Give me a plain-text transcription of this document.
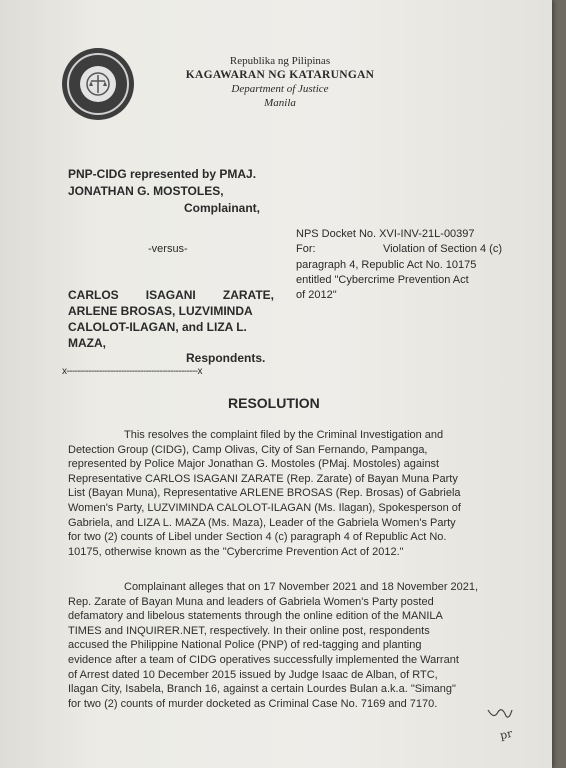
Republika ng Pilipinas
KAGAWARAN NG KATARUNGAN
Department of Justice
Manila
PNP-CIDG represented by PMAJ.
JONATHAN G. MOSTOLES,
Complainant,
-versus-
NPS Docket No. XVI-INV-21L-00397
For:	Violation of Section 4 (c)
paragraph 4, Republic Act No. 10175
entitled "Cybercrime Prevention Act
of 2012"
CARLOS ISAGANI ZARATE,
ARLENE BROSAS, LUZVIMINDA
CALOLOT-ILAGAN, and LIZA L.
MAZA,
Respondents.
x------------------------------------------------x
RESOLUTION
This resolves the complaint filed by the Criminal Investigation and
Detection Group (CIDG), Camp Olivas, City of San Fernando, Pampanga,
represented by Police Major Jonathan G. Mostoles (PMaj. Mostoles) against
Representative CARLOS ISAGANI ZARATE (Rep. Zarate) of Bayan Muna Party
List (Bayan Muna), Representative ARLENE BROSAS (Rep. Brosas) of Gabriela
Women's Party, LUZVIMINDA CALOLOT-ILAGAN (Ms. Ilagan), Spokesperson of
Gabriela, and LIZA L. MAZA (Ms. Maza), Leader of the Gabriela Women's Party
for two (2) counts of Libel under Section 4 (c) paragraph 4 of Republic Act No.
10175, otherwise known as the "Cybercrime Prevention Act of 2012."
Complainant alleges that on 17 November 2021 and 18 November 2021,
Rep. Zarate of Bayan Muna and leaders of Gabriela Women's Party posted
defamatory and libelous statements through the online edition of the MANILA
TIMES and INQUIRER.NET, respectively. In their online post, respondents
accused the Philippine National Police (PNP) of red-tagging and planting
evidence after a team of CIDG operatives successfully implemented the Warrant
of Arrest dated 10 December 2015 issued by Judge Isaac de Alban, of RTC,
Ilagan City, Isabela, Branch 16, against a certain Lourdes Bulan a.k.a. "Simang"
for two (2) counts of murder docketed as Criminal Case No. 7169 and 7170.
pr
